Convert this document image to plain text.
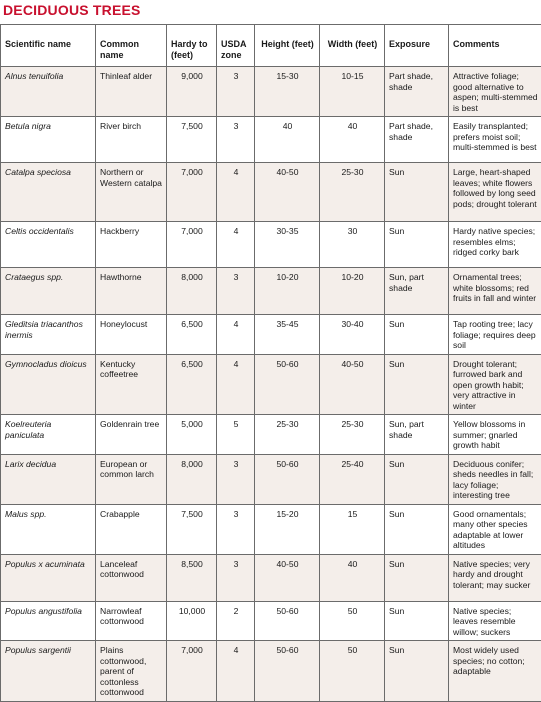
DECIDUOUS TREES
Scientific name	Common name	Hardy to (feet)	USDA zone	Height (feet)	Width (feet)	Exposure	Comments
Alnus tenuifolia	Thinleaf alder	9,000	3	15-30	10-15	Part shade, shade	Attractive foliage; good alternative to aspen; multi-stemmed is best
Betula nigra	River birch	7,500	3	40	40	Part shade, shade	Easily transplanted; prefers moist soil; multi-stemmed is best
Catalpa speciosa	Northern or Western catalpa	7,000	4	40-50	25-30	Sun	Large, heart-shaped leaves; white flowers followed by long seed pods; drought tolerant
Celtis occidentalis	Hackberry	7,000	4	30-35	30	Sun	Hardy native species; resembles elms; ridged corky bark
Crataegus spp.	Hawthorne	8,000	3	10-20	10-20	Sun, part shade	Ornamental trees; white blossoms; red fruits in fall and winter
Gleditsia triacanthos inermis	Honeylocust	6,500	4	35-45	30-40	Sun	Tap rooting tree; lacy foliage; requires deep soil
Gymnocladus dioicus	Kentucky coffeetree	6,500	4	50-60	40-50	Sun	Drought tolerant; furrowed bark and open growth habit; very attractive in winter
Koelreuteria paniculata	Goldenrain tree	5,000	5	25-30	25-30	Sun, part shade	Yellow blossoms in summer; gnarled growth habit
Larix decidua	European or common larch	8,000	3	50-60	25-40	Sun	Deciduous conifer; sheds needles in fall; lacy foliage; interesting tree
Malus spp.	Crabapple	7,500	3	15-20	15	Sun	Good ornamentals; many other species adaptable at lower altitudes
Populus x acuminata	Lanceleaf cottonwood	8,500	3	40-50	40	Sun	Native species; very hardy and drought tolerant; may sucker
Populus angustifolia	Narrowleaf cottonwood	10,000	2	50-60	50	Sun	Native species; leaves resemble willow; suckers
Populus sargentii	Plains cottonwood, parent of cottonless cottonwood	7,000	4	50-60	50	Sun	Most widely used species; no cotton; adaptable
